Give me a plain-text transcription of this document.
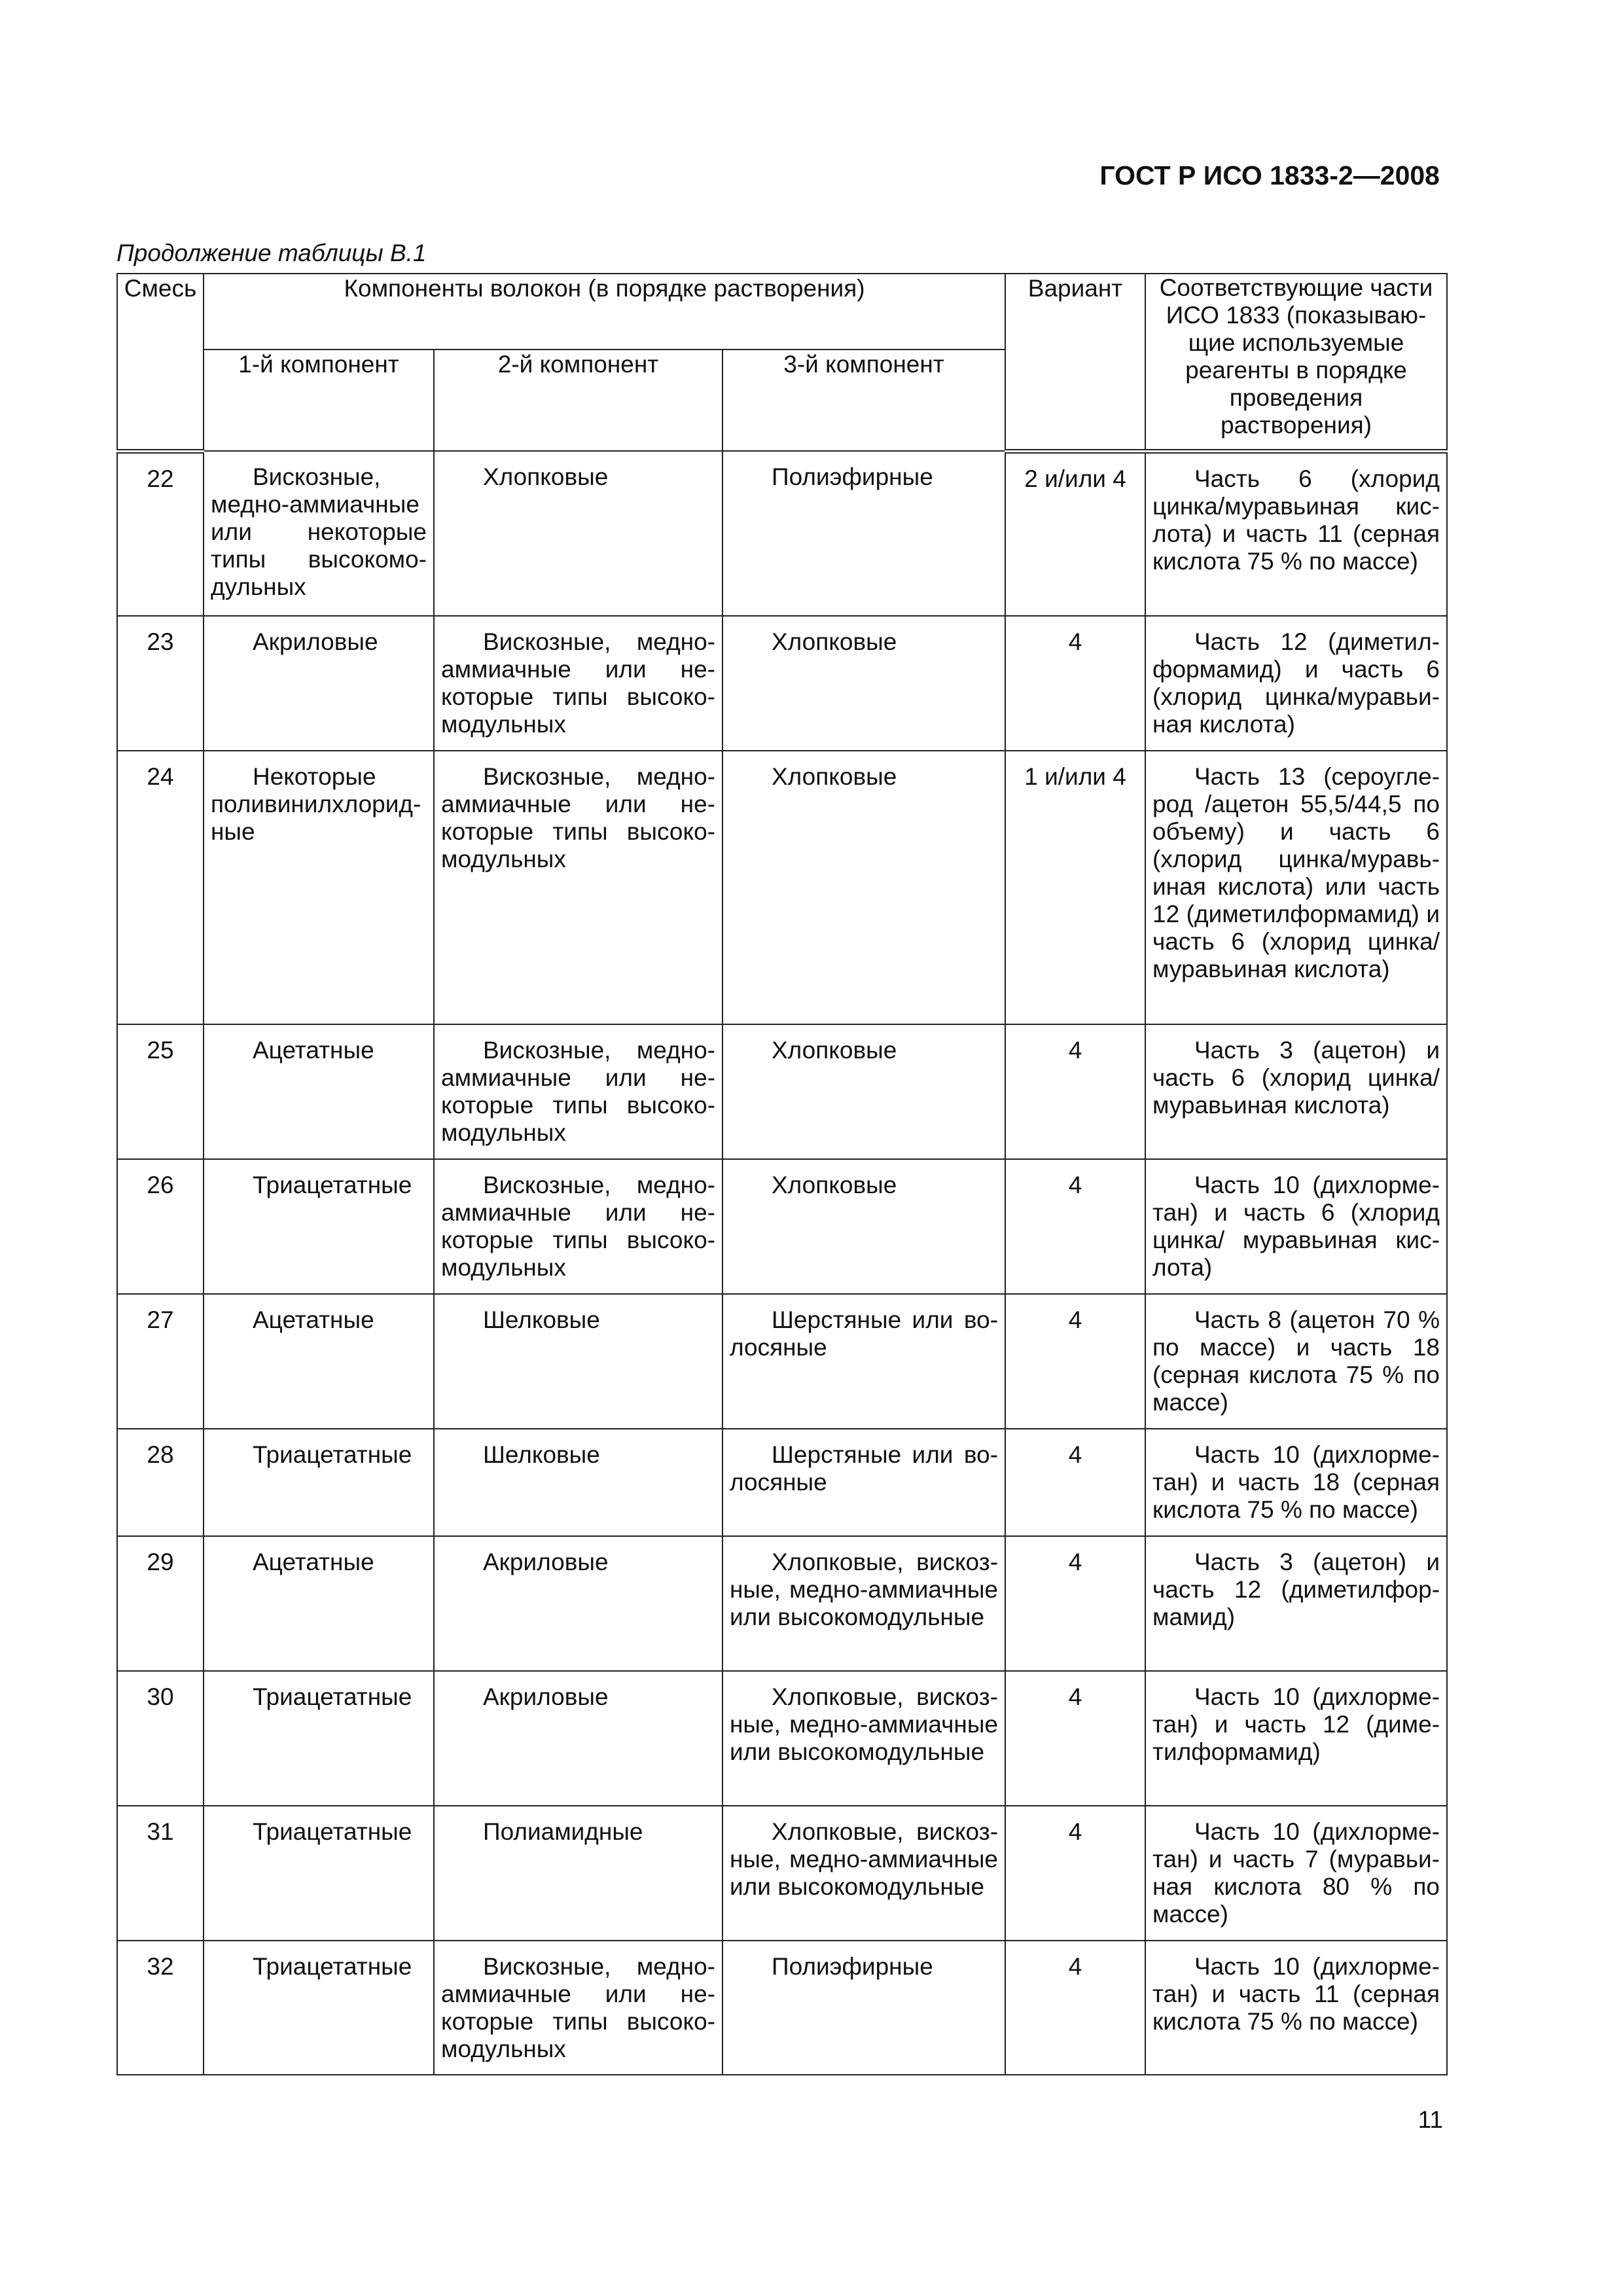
ГОСТ Р ИСО 1833-2—2008
Продолжение таблицы В.1
Смесь	Компоненты волокон (в порядке растворения)			Вариант	Соответствующие части ИСО 1833 (показывающие используемые реагенты в порядке проведения растворения)
	1-й компонент	2-й компонент	3-й компонент		
22	Вискозные, медно-аммиачные или некоторые типы высокомодульных	Хлопковые	Полиэфирные	2 и/или 4	Часть 6 (хлорид цинка/муравьиная кислота) и часть 11 (серная кислота 75 % по массе)
23	Акриловые	Вискозные, медно-аммиачные или некоторые типы высокомодульных	Хлопковые	4	Часть 12 (диметилформамид) и часть 6 (хлорид цинка/муравьиная кислота)
24	Некоторые поливинилхлоридные	Вискозные, медно-аммиачные или некоторые типы высокомодульных	Хлопковые	1 и/или 4	Часть 13 (сероуглерод /ацетон 55,5/44,5 по объему) и часть 6 (хлорид цинка/муравьиная кислота) или часть 12 (диметилформамид) и часть 6 (хлорид цинка/муравьиная кислота)
25	Ацетатные	Вискозные, медно-аммиачные или некоторые типы высокомодульных	Хлопковые	4	Часть 3 (ацетон) и часть 6 (хлорид цинка/муравьиная кислота)
26	Триацетатные	Вискозные, медно-аммиачные или некоторые типы высокомодульных	Хлопковые	4	Часть 10 (дихлорметан) и часть 6 (хлорид цинка/ муравьиная кислота)
27	Ацетатные	Шелковые	Шерстяные или волосяные	4	Часть 8 (ацетон 70 % по массе) и часть 18 (серная кислота 75 % по массе)
28	Триацетатные	Шелковые	Шерстяные или волосяные	4	Часть 10 (дихлорметан) и часть 18 (серная кислота 75 % по массе)
29	Ацетатные	Акриловые	Хлопковые, вискозные, медно-аммиачные или высокомодульные	4	Часть 3 (ацетон) и часть 12 (диметилформамид)
30	Триацетатные	Акриловые	Хлопковые, вискозные, медно-аммиачные или высокомодульные	4	Часть 10 (дихлорметан) и часть 12 (диметилформамид)
31	Триацетатные	Полиамидные	Хлопковые, вискозные, медно-аммиачные или высокомодульные	4	Часть 10 (дихлорметан) и часть 7 (муравьиная кислота 80 % по массе)
32	Триацетатные	Вискозные, медно-аммиачные или некоторые типы высокомодульных	Полиэфирные	4	Часть 10 (дихлорметан) и часть 11 (серная кислота 75 % по массе)
11
